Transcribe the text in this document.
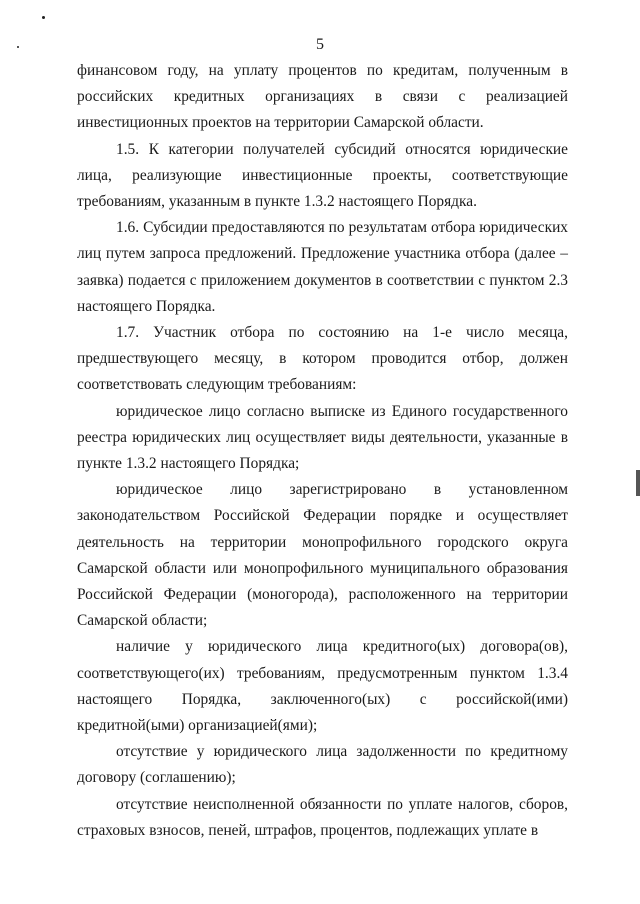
5

финансовом году, на уплату процентов по кредитам, полученным в российских кредитных организациях в связи с реализацией инвестиционных проектов на территории Самарской области.

1.5. К категории получателей субсидий относятся юридические лица, реализующие инвестиционные проекты, соответствующие требованиям, указанным в пункте 1.3.2 настоящего Порядка.

1.6. Субсидии предоставляются по результатам отбора юридических лиц путем запроса предложений. Предложение участника отбора (далее – заявка) подается с приложением документов в соответствии с пунктом 2.3 настоящего Порядка.

1.7. Участник отбора по состоянию на 1-е число месяца, предшествующего месяцу, в котором проводится отбор, должен соответствовать следующим требованиям:

юридическое лицо согласно выписке из Единого государственного реестра юридических лиц осуществляет виды деятельности, указанные в пункте 1.3.2 настоящего Порядка;

юридическое лицо зарегистрировано в установленном законодательством Российской Федерации порядке и осуществляет деятельность на территории монопрофильного городского округа Самарской области или монопрофильного муниципального образования Российской Федерации (моногорода), расположенного на территории Самарской области;

наличие у юридического лица кредитного(ых) договора(ов), соответствующего(их) требованиям, предусмотренным пунктом 1.3.4 настоящего Порядка, заключенного(ых) с российской(ими) кредитной(ыми) организацией(ями);

отсутствие у юридического лица задолженности по кредитному договору (соглашению);

отсутствие неисполненной обязанности по уплате налогов, сборов, страховых взносов, пеней, штрафов, процентов, подлежащих уплате в
